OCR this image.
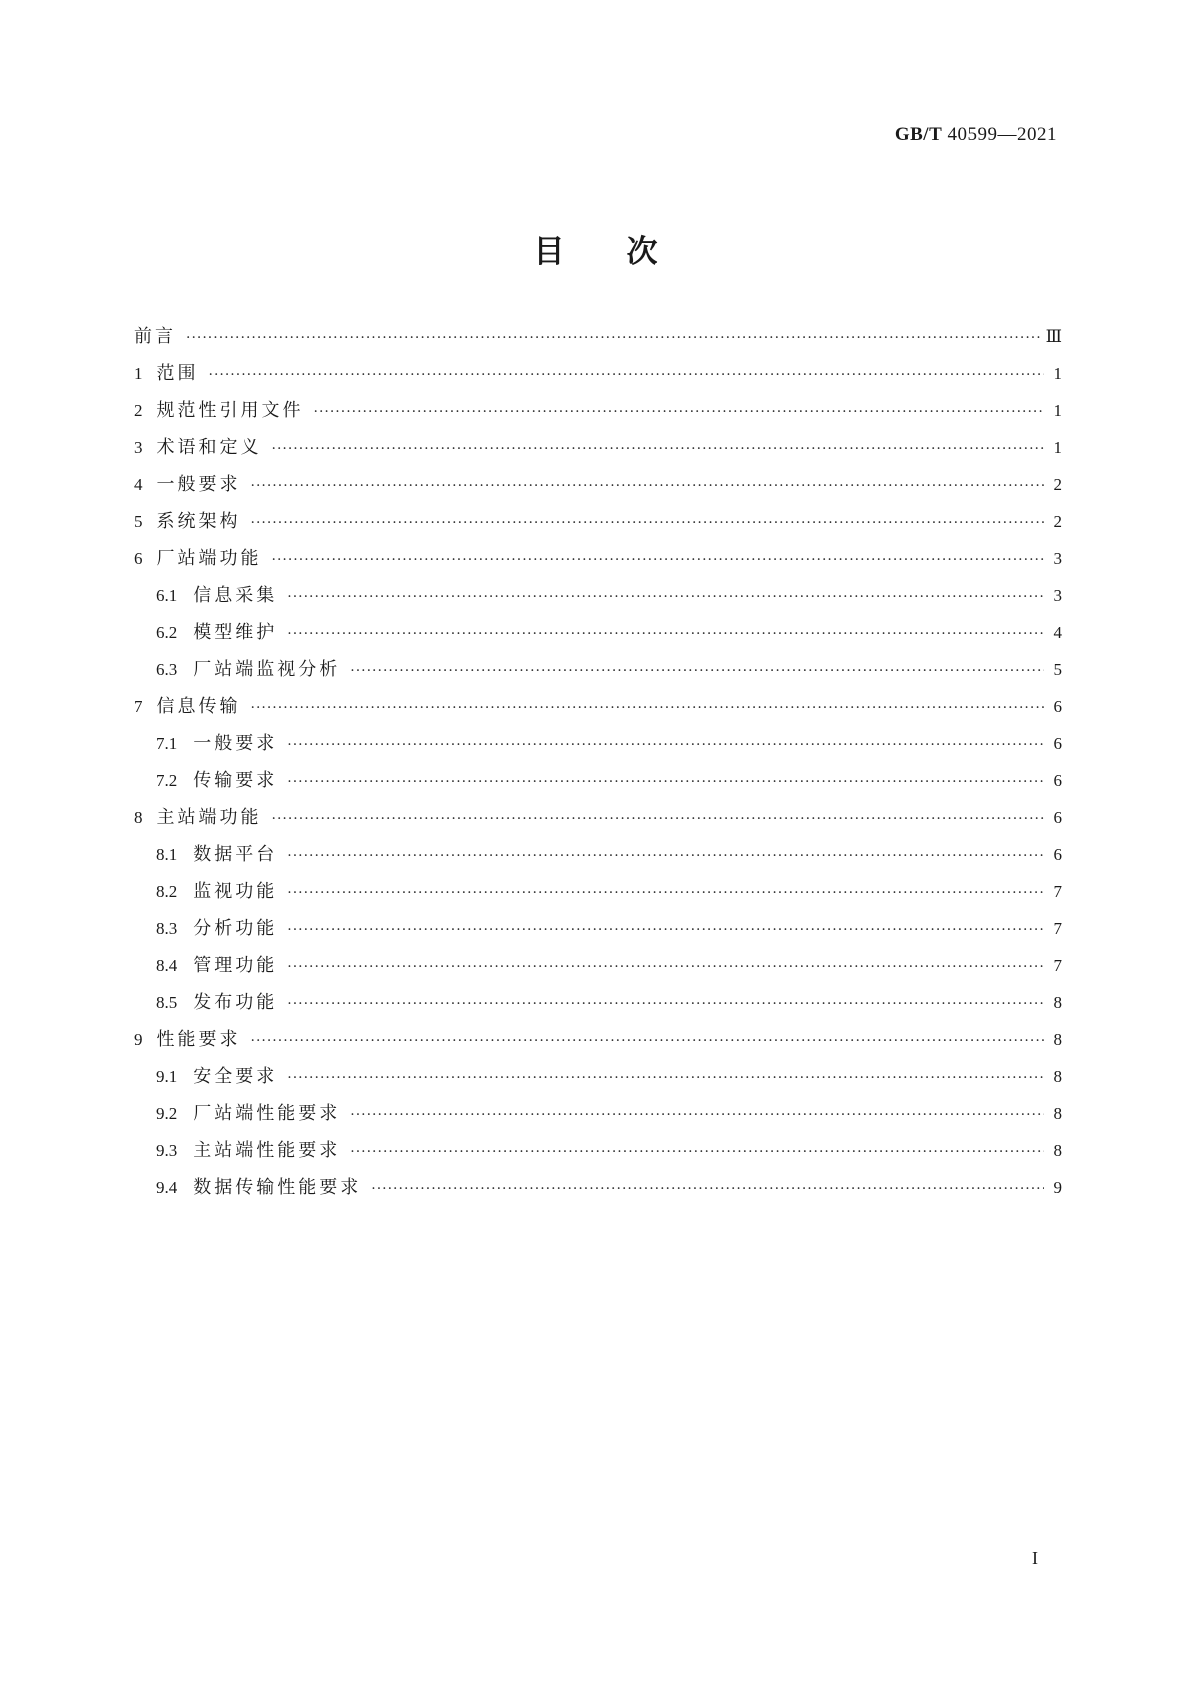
GB/T 40599—2021
目次
前言 ·····	Ⅲ
1 范围 ·····	1
2 规范性引用文件 ·····	1
3 术语和定义 ·····	1
4 一般要求 ·····	2
5 系统架构 ·····	2
6 厂站端功能 ·····	3
6.1 信息采集 ·····	3
6.2 模型维护 ·····	4
6.3 厂站端监视分析 ·····	5
7 信息传输 ·····	6
7.1 一般要求 ·····	6
7.2 传输要求 ·····	6
8 主站端功能 ·····	6
8.1 数据平台 ·····	6
8.2 监视功能 ·····	7
8.3 分析功能 ·····	7
8.4 管理功能 ·····	7
8.5 发布功能 ·····	8
9 性能要求 ·····	8
9.1 安全要求 ·····	8
9.2 厂站端性能要求 ·····	8
9.3 主站端性能要求 ·····	8
9.4 数据传输性能要求 ·····	9
I
